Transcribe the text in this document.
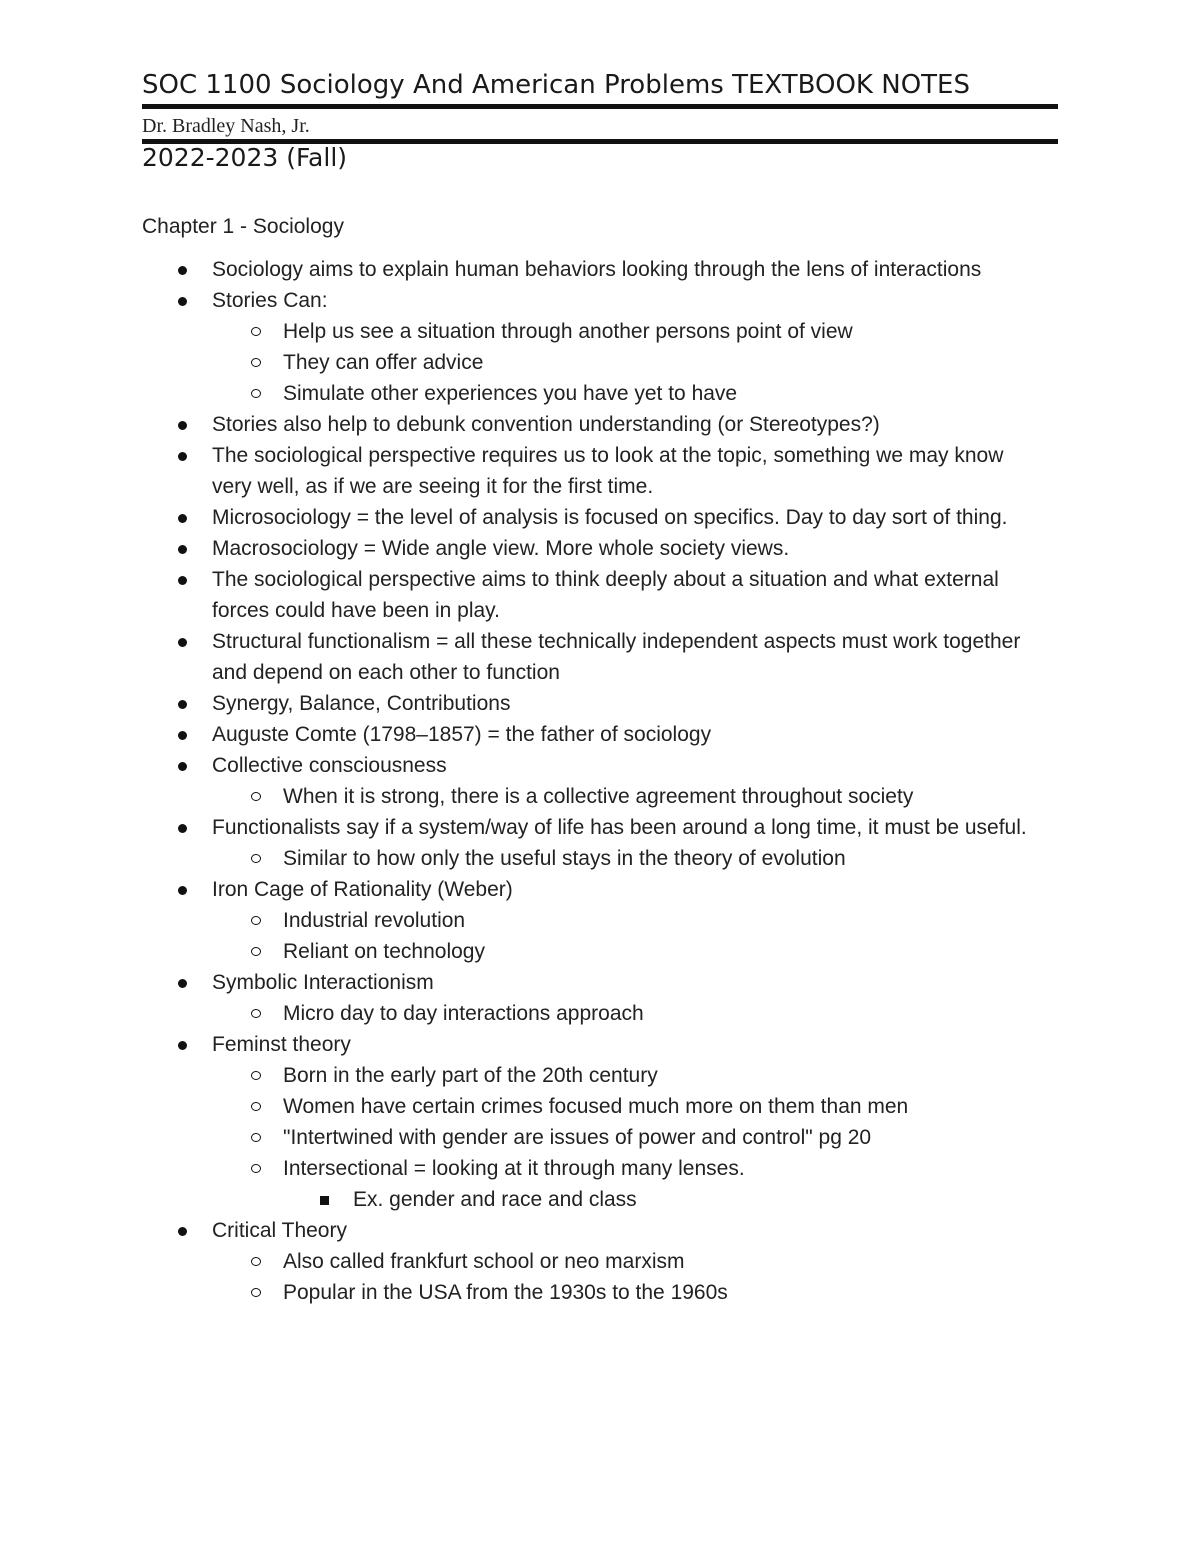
SOC 1100 Sociology And American Problems TEXTBOOK NOTES
Dr. Bradley Nash, Jr.
2022-2023 (Fall)
Chapter 1 - Sociology
Sociology aims to explain human behaviors looking through the lens of interactions
Stories Can:
Help us see a situation through another persons point of view
They can offer advice
Simulate other experiences you have yet to have
Stories also help to debunk convention understanding (or Stereotypes?)
The sociological perspective requires us to look at the topic, something we may know very well, as if we are seeing it for the first time.
Microsociology = the level of analysis is focused on specifics. Day to day sort of thing.
Macrosociology = Wide angle view. More whole society views.
The sociological perspective aims to think deeply about a situation and what external forces could have been in play.
Structural functionalism = all these technically independent aspects must work together and depend on each other to function
Synergy, Balance, Contributions
Auguste Comte (1798–1857) = the father of sociology
Collective consciousness
When it is strong, there is a collective agreement throughout society
Functionalists say if a system/way of life has been around a long time, it must be useful.
Similar to how only the useful stays in the theory of evolution
Iron Cage of Rationality (Weber)
Industrial revolution
Reliant on technology
Symbolic Interactionism
Micro day to day interactions approach
Feminst theory
Born in the early part of the 20th century
Women have certain crimes focused much more on them than men
"Intertwined with gender are issues of power and control" pg 20
Intersectional = looking at it through many lenses.
Ex. gender and race and class
Critical Theory
Also called frankfurt school or neo marxism
Popular in the USA from the 1930s to the 1960s
